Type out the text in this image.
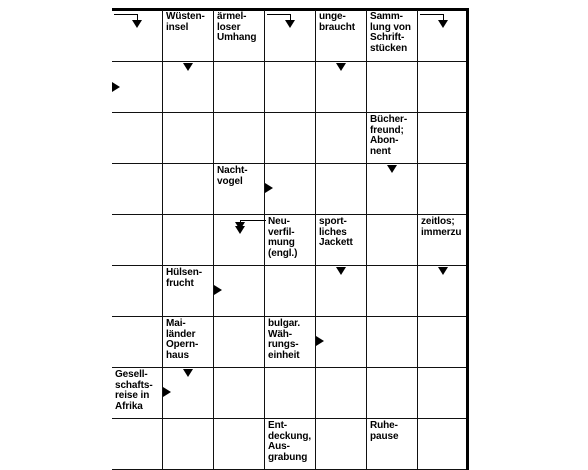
Wüsten-
insel
ärmel-
loser
Umhang
unge-
braucht
Samm-
lung von
Schrift-
stücken
Bücher-
freund;
Abon-
nent
Nacht-
vogel
Neu-
verfil-
mung
(engl.)
sport-
liches
Jackett
zeitlos;
immerzu
Hülsen-
frucht
Mai-
länder
Opern-
haus
bulgar.
Wäh-
rungs-
einheit
Gesell-
schafts-
reise in
Afrika
Ent-
deckung,
Aus-
grabung
Ruhe-
pause
